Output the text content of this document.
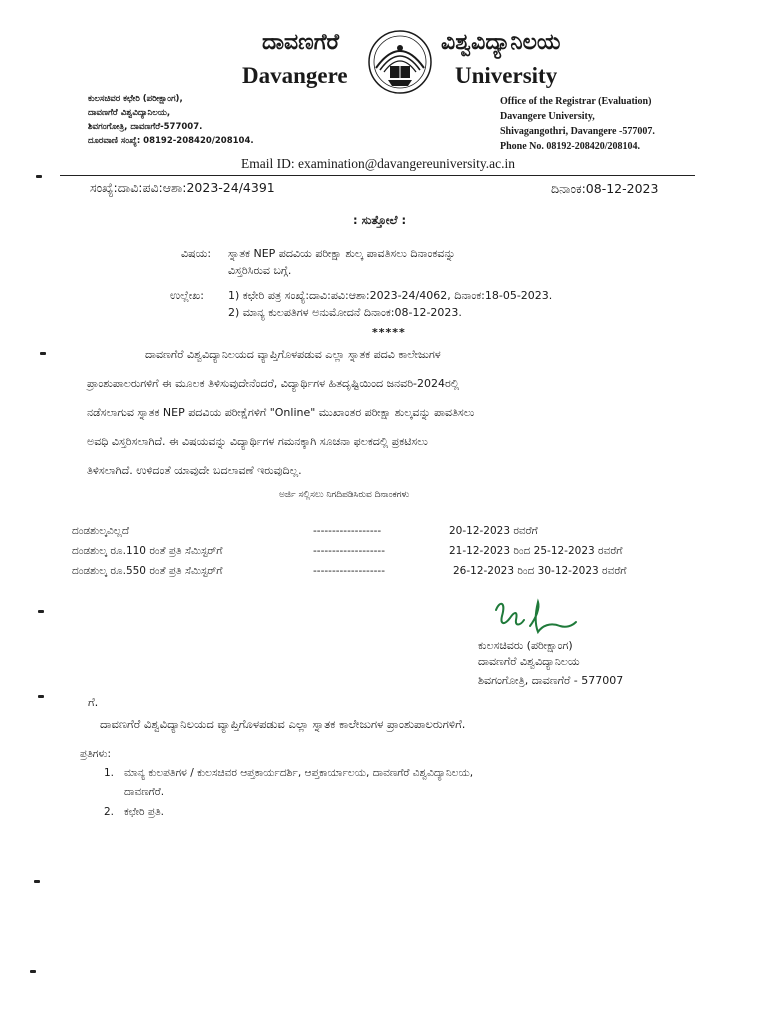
ದಾವಣಗೆರೆ	ವಿಶ್ವವಿದ್ಯಾನಿಲಯ
Davangere	University
ಕುಲಸಚಿವರ ಕಛೇರಿ (ಪರೀಕ್ಷಾಂಗ),
ದಾವಣಗೆರೆ ವಿಶ್ವವಿದ್ಯಾನಿಲಯ,
ಶಿವಗಂಗೋತ್ರಿ, ದಾವಣಗೆರೆ-577007.
ದೂರವಾಣಿ ಸಂಖ್ಯೆ: 08192-208420/208104.
Office of the Registrar (Evaluation)
Davangere University,
Shivagangothri, Davangere -577007.
Phone No. 08192-208420/208104.
Email ID: examination@davangereuniversity.ac.in
ಸಂಖ್ಯೆ:ದಾವಿ:ಪವಿ:ಆಶಾ:2023-24/4391	ದಿನಾಂಕ:08-12-2023
: ಸುತ್ತೋಲೆ :
ವಿಷಯ: ಸ್ನಾತಕ NEP ಪದವಿಯ ಪರೀಕ್ಷಾ ಶುಲ್ಕ ಪಾವತಿಸಲು ದಿನಾಂಕವನ್ನು
ವಿಸ್ತರಿಸಿರುವ ಬಗ್ಗೆ.
ಉಲ್ಲೇಖ: 1) ಕಛೇರಿ ಪತ್ರ ಸಂಖ್ಯೆ:ದಾವಿ:ಪವಿ:ಆಶಾ:2023-24/4062, ದಿನಾಂಕ:18-05-2023.
2) ಮಾನ್ಯ ಕುಲಪತಿಗಳ ಅನುಮೋದನೆ ದಿನಾಂಕ:08-12-2023.
*****
ದಾವಣಗೆರೆ ವಿಶ್ವವಿದ್ಯಾನಿಲಯದ ವ್ಯಾಪ್ತಿಗೊಳಪಡುವ ಎಲ್ಲಾ ಸ್ನಾತಕ ಪದವಿ ಕಾಲೇಜುಗಳ
ಪ್ರಾಂಶುಪಾಲರುಗಳಿಗೆ ಈ ಮೂಲಕ ತಿಳಿಸುವುದೇನೆಂದರೆ, ವಿದ್ಯಾರ್ಥಿಗಳ ಹಿತದೃಷ್ಟಿಯಿಂದ ಜನವರಿ-2024ರಲ್ಲಿ
ನಡೆಸಲಾಗುವ ಸ್ನಾತಕ NEP ಪದವಿಯ ಪರೀಕ್ಷೆಗಳಿಗೆ "Online" ಮುಖಾಂತರ ಪರೀಕ್ಷಾ ಶುಲ್ಕವನ್ನು ಪಾವತಿಸಲು
ಅವಧಿ ವಿಸ್ತರಿಸಲಾಗಿದೆ. ಈ ವಿಷಯವನ್ನು ವಿದ್ಯಾರ್ಥಿಗಳ ಗಮನಕ್ಕಾಗಿ ಸೂಚನಾ ಫಲಕದಲ್ಲಿ ಪ್ರಕಟಿಸಲು
ತಿಳಿಸಲಾಗಿದೆ. ಉಳಿದಂತೆ ಯಾವುದೇ ಬದಲಾವಣೆ ಇರುವುದಿಲ್ಲ.
ಅರ್ಜಿ ಸಲ್ಲಿಸಲು ನಿಗದಿಪಡಿಸಿರುವ ದಿನಾಂಕಗಳು
ದಂಡಶುಲ್ಕವಿಲ್ಲದೆ	------------------	20-12-2023 ರವರೆಗೆ
ದಂಡಶುಲ್ಕ ರೂ.110 ರಂತೆ ಪ್ರತಿ ಸೆಮಿಸ್ಟರ್‌ಗೆ	-------------------	21-12-2023 ರಿಂದ 25-12-2023 ರವರೆಗೆ
ದಂಡಶುಲ್ಕ ರೂ.550 ರಂತೆ ಪ್ರತಿ ಸೆಮಿಸ್ಟರ್‌ಗೆ	-------------------	26-12-2023 ರಿಂದ 30-12-2023 ರವರೆಗೆ
ಕುಲಸಚಿವರು (ಪರೀಕ್ಷಾಂಗ)
ದಾವಣಗೆರೆ ವಿಶ್ವವಿದ್ಯಾನಿಲಯ
ಶಿವಗಂಗೋತ್ರಿ, ದಾವಣಗೆರೆ - 577007
ಗೆ.
ದಾವಣಗೆರೆ ವಿಶ್ವವಿದ್ಯಾನಿಲಯದ ವ್ಯಾಪ್ತಿಗೊಳಪಡುವ ಎಲ್ಲಾ ಸ್ನಾತಕ ಕಾಲೇಜುಗಳ ಪ್ರಾಂಶುಪಾಲರುಗಳಿಗೆ.
ಪ್ರತಿಗಳು:
1. ಮಾನ್ಯ ಕುಲಪತಿಗಳ / ಕುಲಸಚಿವರ ಆಪ್ತಕಾರ್ಯದರ್ಶಿ, ಆಪ್ತಕಾರ್ಯಾಲಯ, ದಾವಣಗೆರೆ ವಿಶ್ವವಿದ್ಯಾನಿಲಯ,
ದಾವಣಗೆರೆ.
2. ಕಛೇರಿ ಪ್ರತಿ.
